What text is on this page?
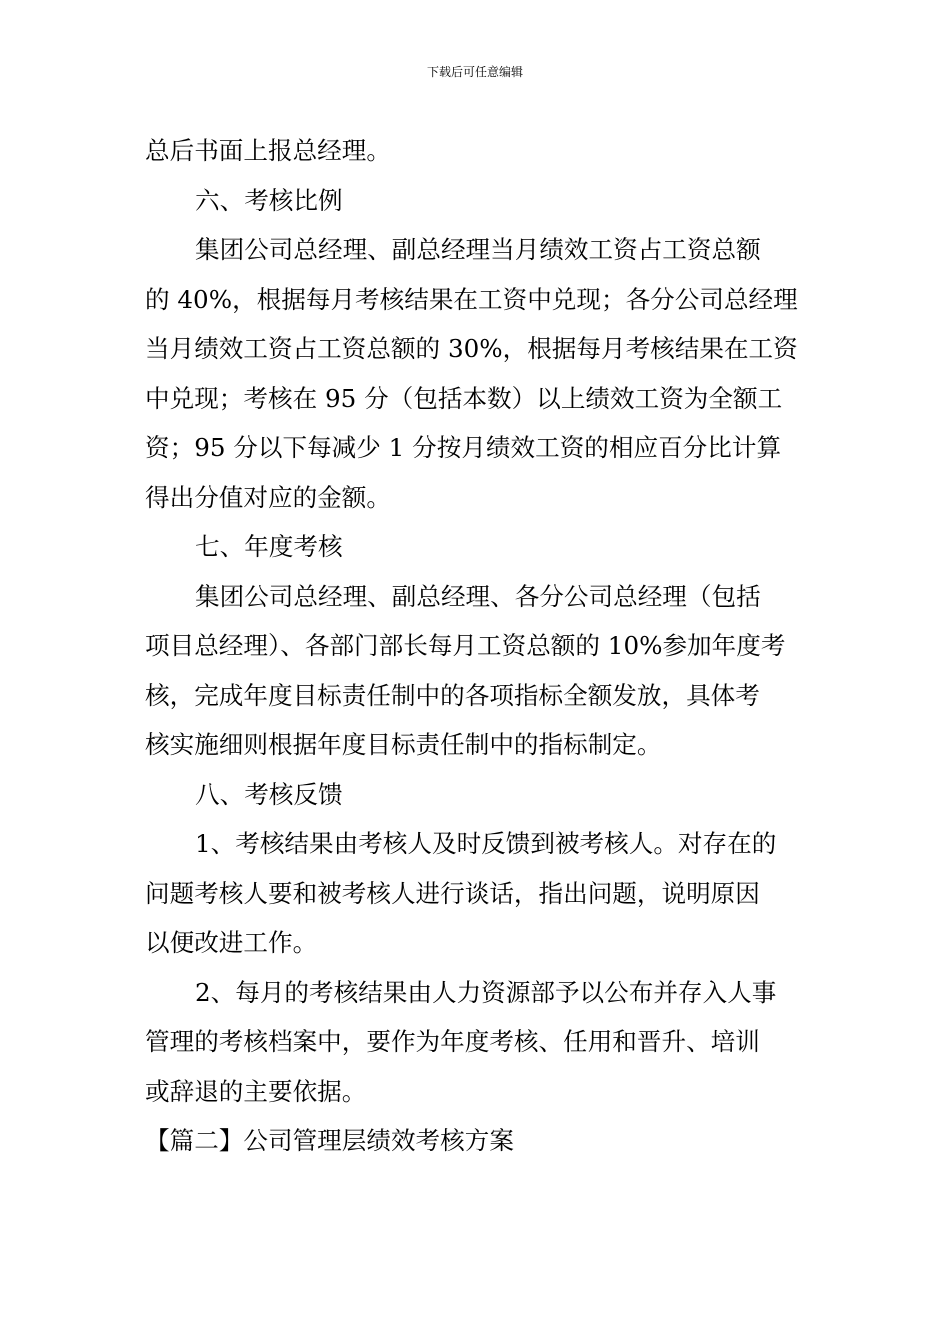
下载后可任意编辑
总后书面上报总经理。
六、考核比例
集团公司总经理、副总经理当月绩效工资占工资总额
的 40%，根据每月考核结果在工资中兑现；各分公司总经理
当月绩效工资占工资总额的 30%，根据每月考核结果在工资
中兑现；考核在 95 分（包括本数）以上绩效工资为全额工
资；95 分以下每减少 1 分按月绩效工资的相应百分比计算
得出分值对应的金额。
七、年度考核
集团公司总经理、副总经理、各分公司总经理（包括
项目总经理）、各部门部长每月工资总额的 10%参加年度考
核，完成年度目标责任制中的各项指标全额发放，具体考
核实施细则根据年度目标责任制中的指标制定。
八、考核反馈
1、考核结果由考核人及时反馈到被考核人。对存在的
问题考核人要和被考核人进行谈话，指出问题，说明原因
以便改进工作。
2、每月的考核结果由人力资源部予以公布并存入人事
管理的考核档案中，要作为年度考核、任用和晋升、培训
或辞退的主要依据。
【篇二】公司管理层绩效考核方案
